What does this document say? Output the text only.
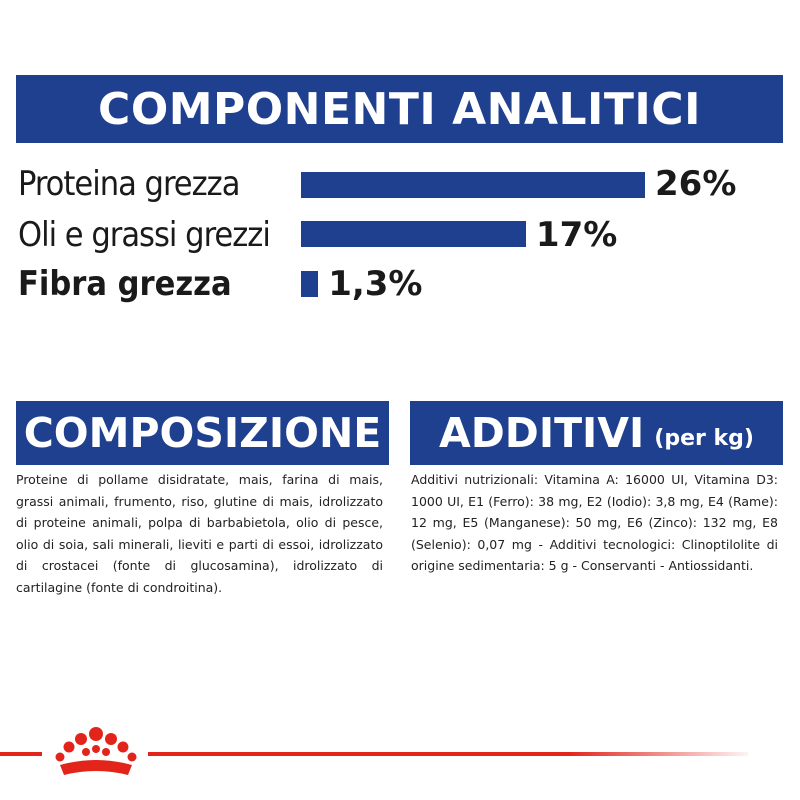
COMPONENTI ANALITICI
Proteina grezza	26%
Oli e grassi grezzi	17%
Fibra grezza	1,3%
COMPOSIZIONE
Proteine di pollame disidratate, mais, farina di mais, grassi animali, frumento, riso, glutine di mais, idrolizzato di proteine animali, polpa di barbabietola, olio di pesce, olio di soia, sali minerali, lieviti e parti di essoi, idrolizzato di crostacei (fonte di glucosamina), idrolizzato di cartilagine (fonte di condroitina).
ADDITIVI (per kg)
Additivi nutrizionali: Vitamina A: 16000 UI, Vitamina D3: 1000 UI, E1 (Ferro): 38 mg, E2 (Iodio): 3,8 mg, E4 (Rame): 12 mg, E5 (Manganese): 50 mg, E6 (Zinco): 132 mg, E8 (Selenio): 0,07 mg - Additivi tecnologici: Clinoptilolite di origine sedimentaria: 5 g - Conservanti - Antiossidanti.
